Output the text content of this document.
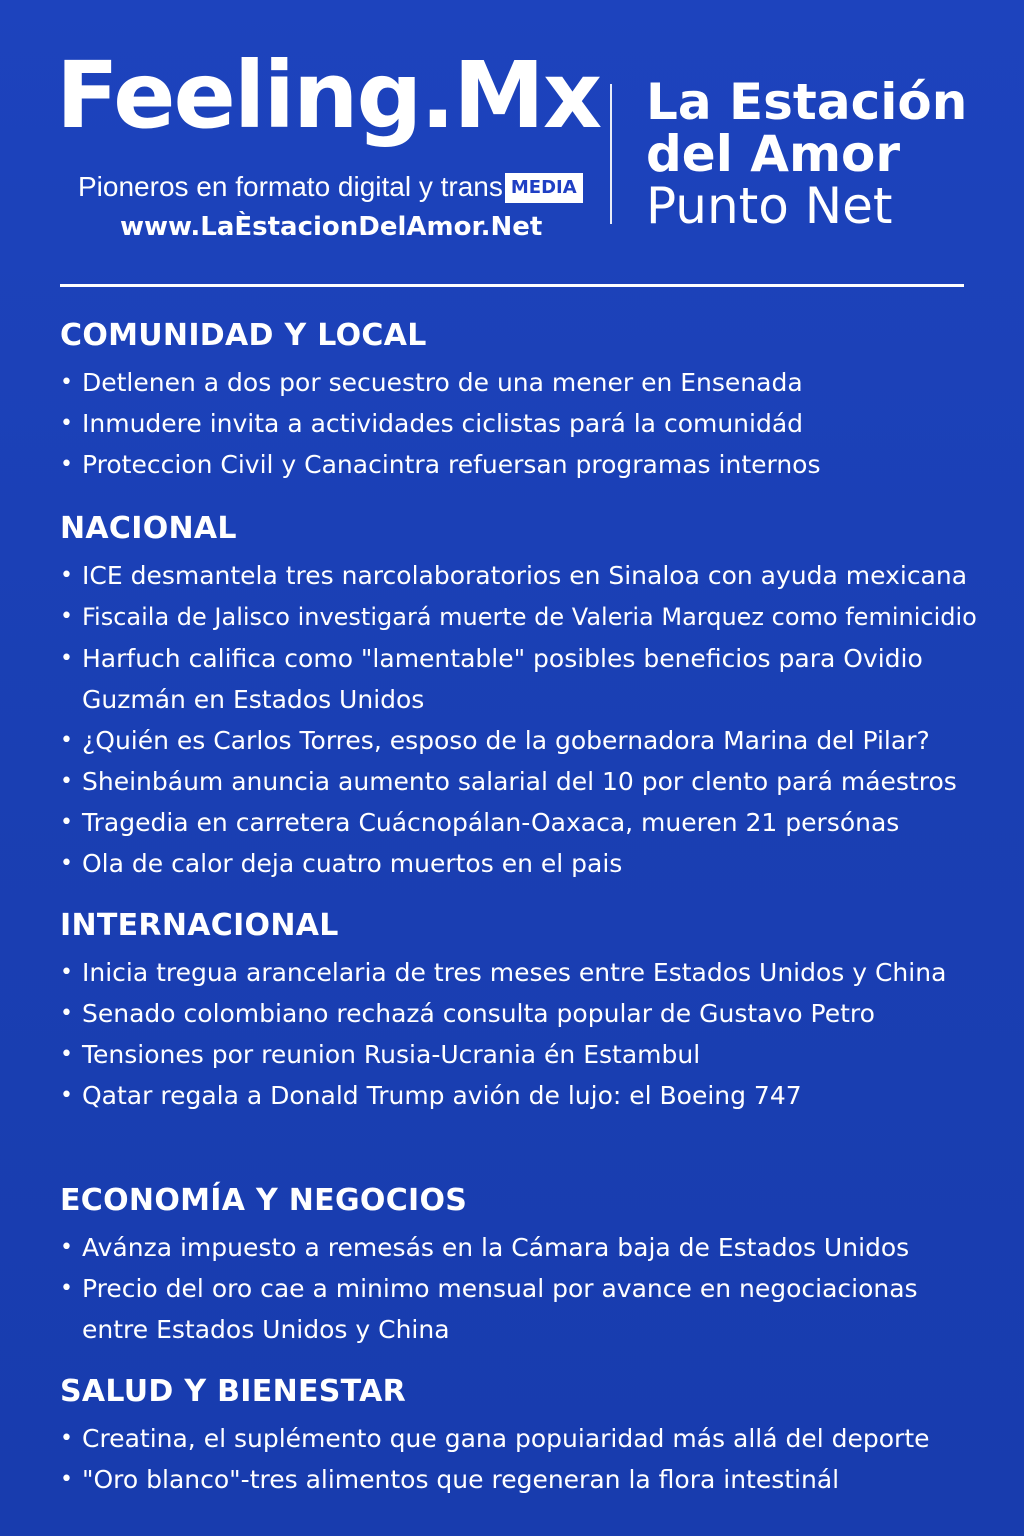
Feeling.Mx
Pioneros en formato digital y trans MEDIA
www.LaÈstacionDelAmor.Net
La Estación
del Amor
Punto Net
COMUNIDAD Y LOCAL
• Detlenen a dos por secuestro de una mener en Ensenada
• Inmudere invita a actividades ciclistas pará la comunidád
• Proteccion Civil y Canacintra refuersan programas internos
NACIONAL
• ICE desmantela tres narcolaboratorios en Sinaloa con ayuda mexicana
• Fiscaila de Jalisco investigará muerte de Valeria Marquez como feminicidio
• Harfuch califica como "lamentable" posibles beneficios para Ovidio Guzmán en Estados Unidos
• ¿Quién es Carlos Torres, esposo de la gobernadora Marina del Pilar?
• Sheinbáum anuncia aumento salarial del 10 por clento pará máestros
• Tragedia en carretera Cuácnopálan-Oaxaca, mueren 21 persónas
• Ola de calor deja cuatro muertos en el pais
INTERNACIONAL
• Inicia tregua arancelaria de tres meses entre Estados Unidos y China
• Senado colombiano rechazá consulta popular de Gustavo Petro
• Tensiones por reunion Rusia-Ucrania én Estambul
• Qatar regala a Donald Trump avión de lujo: el Boeing 747
ECONOMÍA Y NEGOCIOS
• Avánza impuesto a remesás en la Cámara baja de Estados Unidos
• Precio del oro cae a minimo mensual por avance en negociacionas entre Estados Unidos y China
SALUD Y BIENESTAR
• Creatina, el suplémento que gana popuiaridad más allá del deporte
• "Oro blanco"-tres alimentos que regeneran la flora intestinál
